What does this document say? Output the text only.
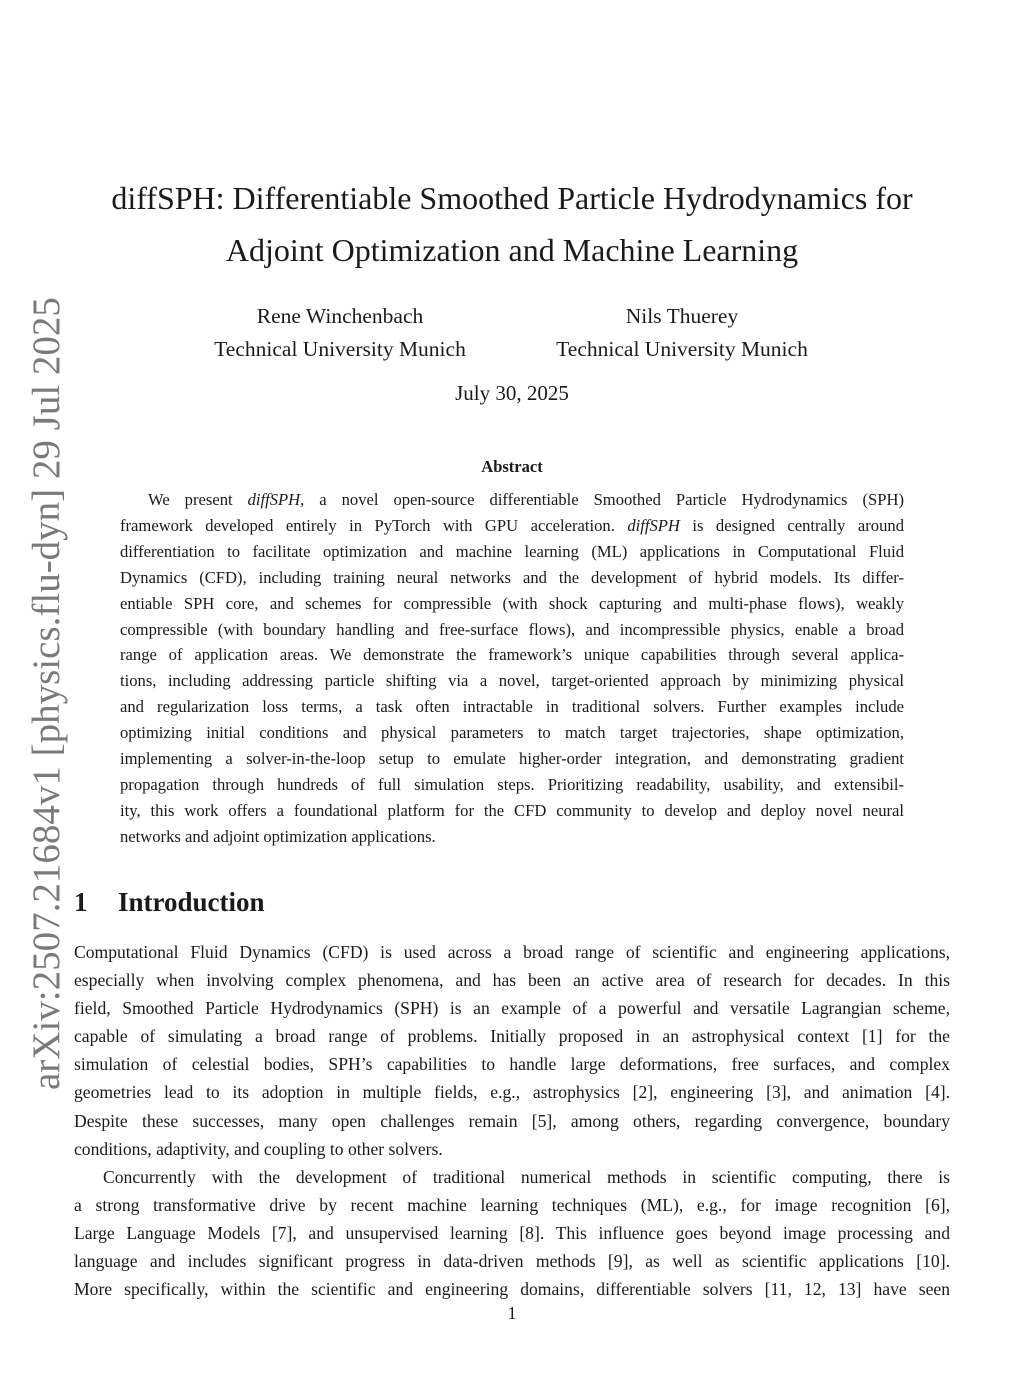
arXiv:2507.21684v1 [physics.flu-dyn] 29 Jul 2025
diffSPH: Differentiable Smoothed Particle Hydrodynamics for
Adjoint Optimization and Machine Learning
Rene Winchenbach
Technical University Munich
Nils Thuerey
Technical University Munich
July 30, 2025
Abstract
We present diffSPH, a novel open-source differentiable Smoothed Particle Hydrodynamics (SPH)
framework developed entirely in PyTorch with GPU acceleration. diffSPH is designed centrally around
differentiation to facilitate optimization and machine learning (ML) applications in Computational Fluid
Dynamics (CFD), including training neural networks and the development of hybrid models. Its differ-
entiable SPH core, and schemes for compressible (with shock capturing and multi-phase flows), weakly
compressible (with boundary handling and free-surface flows), and incompressible physics, enable a broad
range of application areas. We demonstrate the framework’s unique capabilities through several applica-
tions, including addressing particle shifting via a novel, target-oriented approach by minimizing physical
and regularization loss terms, a task often intractable in traditional solvers. Further examples include
optimizing initial conditions and physical parameters to match target trajectories, shape optimization,
implementing a solver-in-the-loop setup to emulate higher-order integration, and demonstrating gradient
propagation through hundreds of full simulation steps. Prioritizing readability, usability, and extensibil-
ity, this work offers a foundational platform for the CFD community to develop and deploy novel neural
networks and adjoint optimization applications.
1 Introduction
Computational Fluid Dynamics (CFD) is used across a broad range of scientific and engineering applications,
especially when involving complex phenomena, and has been an active area of research for decades. In this
field, Smoothed Particle Hydrodynamics (SPH) is an example of a powerful and versatile Lagrangian scheme,
capable of simulating a broad range of problems. Initially proposed in an astrophysical context [1] for the
simulation of celestial bodies, SPH’s capabilities to handle large deformations, free surfaces, and complex
geometries lead to its adoption in multiple fields, e.g., astrophysics [2], engineering [3], and animation [4].
Despite these successes, many open challenges remain [5], among others, regarding convergence, boundary
conditions, adaptivity, and coupling to other solvers.
Concurrently with the development of traditional numerical methods in scientific computing, there is
a strong transformative drive by recent machine learning techniques (ML), e.g., for image recognition [6],
Large Language Models [7], and unsupervised learning [8]. This influence goes beyond image processing and
language and includes significant progress in data-driven methods [9], as well as scientific applications [10].
More specifically, within the scientific and engineering domains, differentiable solvers [11, 12, 13] have seen
1
